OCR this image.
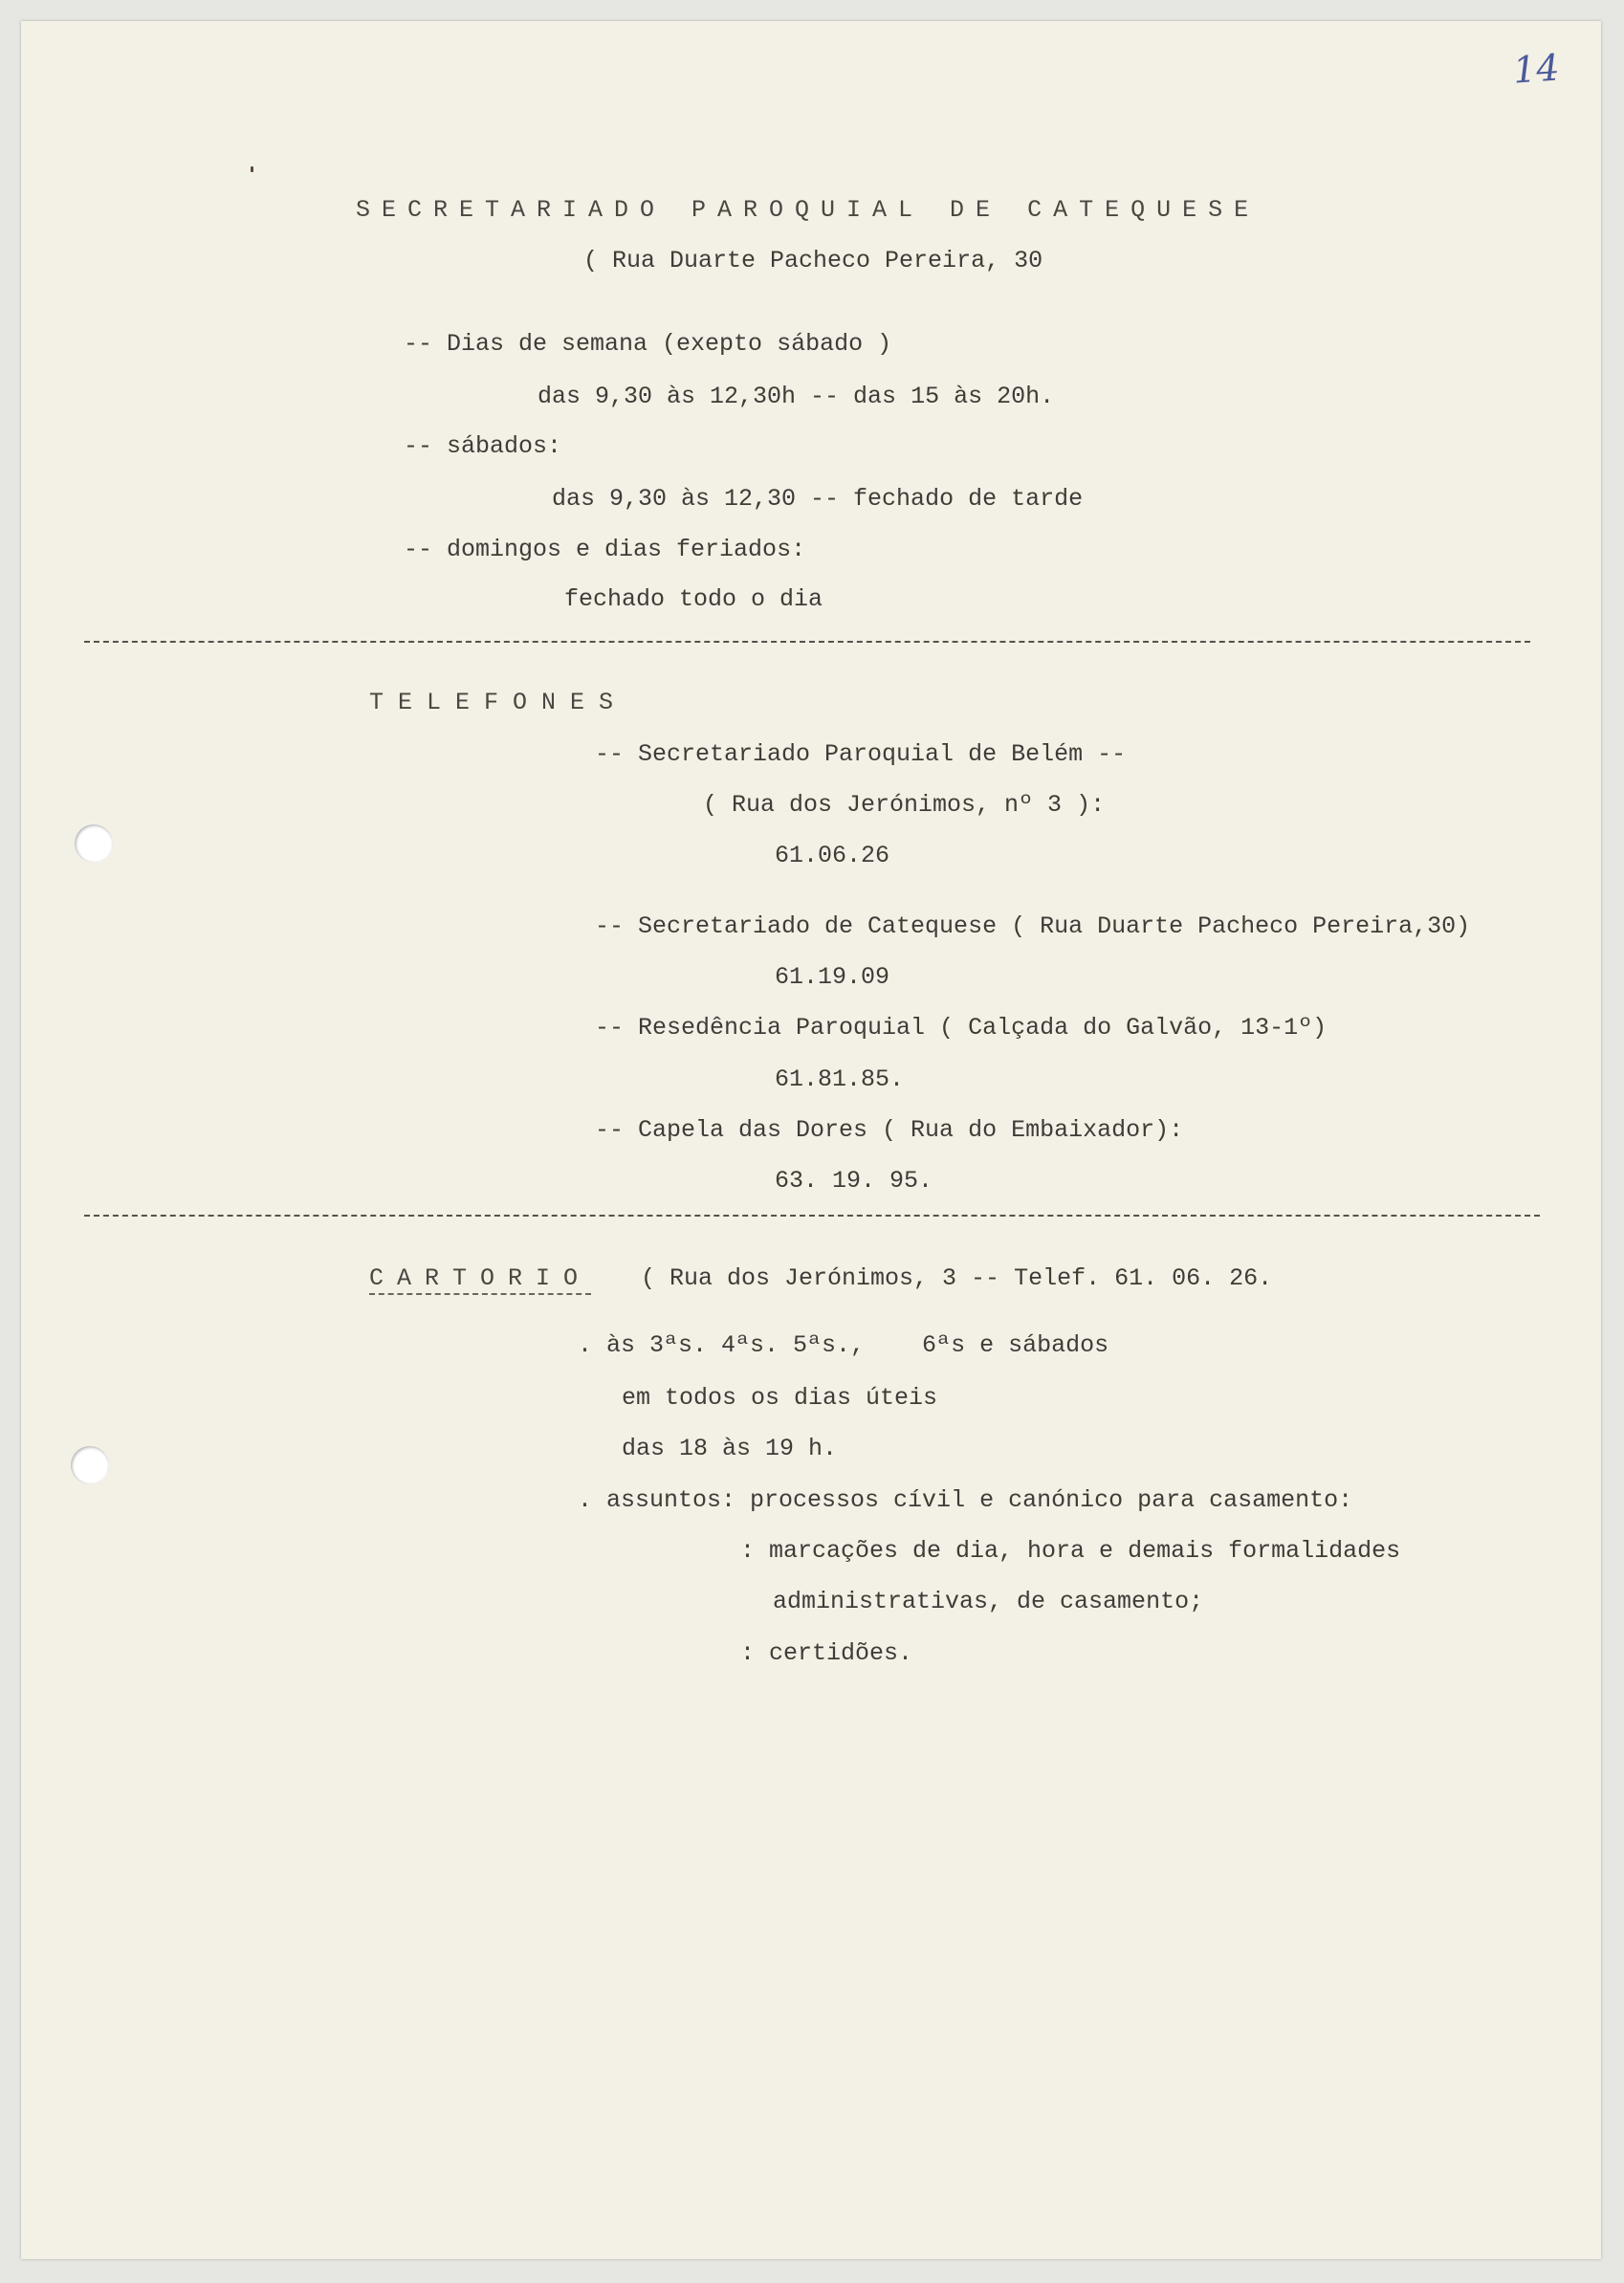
14
SECRETARIADO PAROQUIAL DE CATEQUESE
( Rua Duarte Pacheco Pereira, 30
-- Dias de semana (exepto sábado )
das 9,30 às 12,30h -- das 15 às 20h.
-- sábados:
das 9,30 às 12,30 -- fechado de tarde
-- domingos e dias feriados:
fechado todo o dia
TELEFONES
-- Secretariado Paroquial de Belém --
( Rua dos Jerónimos, nº 3 ):
61.06.26
-- Secretariado de Catequese ( Rua Duarte Pacheco Pereira,30)
61.19.09
-- Resedência Paroquial ( Calçada do Galvão, 13-1º)
61.81.85.
-- Capela das Dores ( Rua do Embaixador):
63. 19. 95.
CARTORIO ( Rua dos Jerónimos, 3 -- Telef. 61. 06. 26.
. às 3ªs. 4ªs. 5ªs.,    6ªs e sábados
em todos os dias úteis
das 18 às 19 h.
. assuntos: processos cívil e canónico para casamento:
: marcações de dia, hora e demais formalidades
administrativas, de casamento;
: certidões.
